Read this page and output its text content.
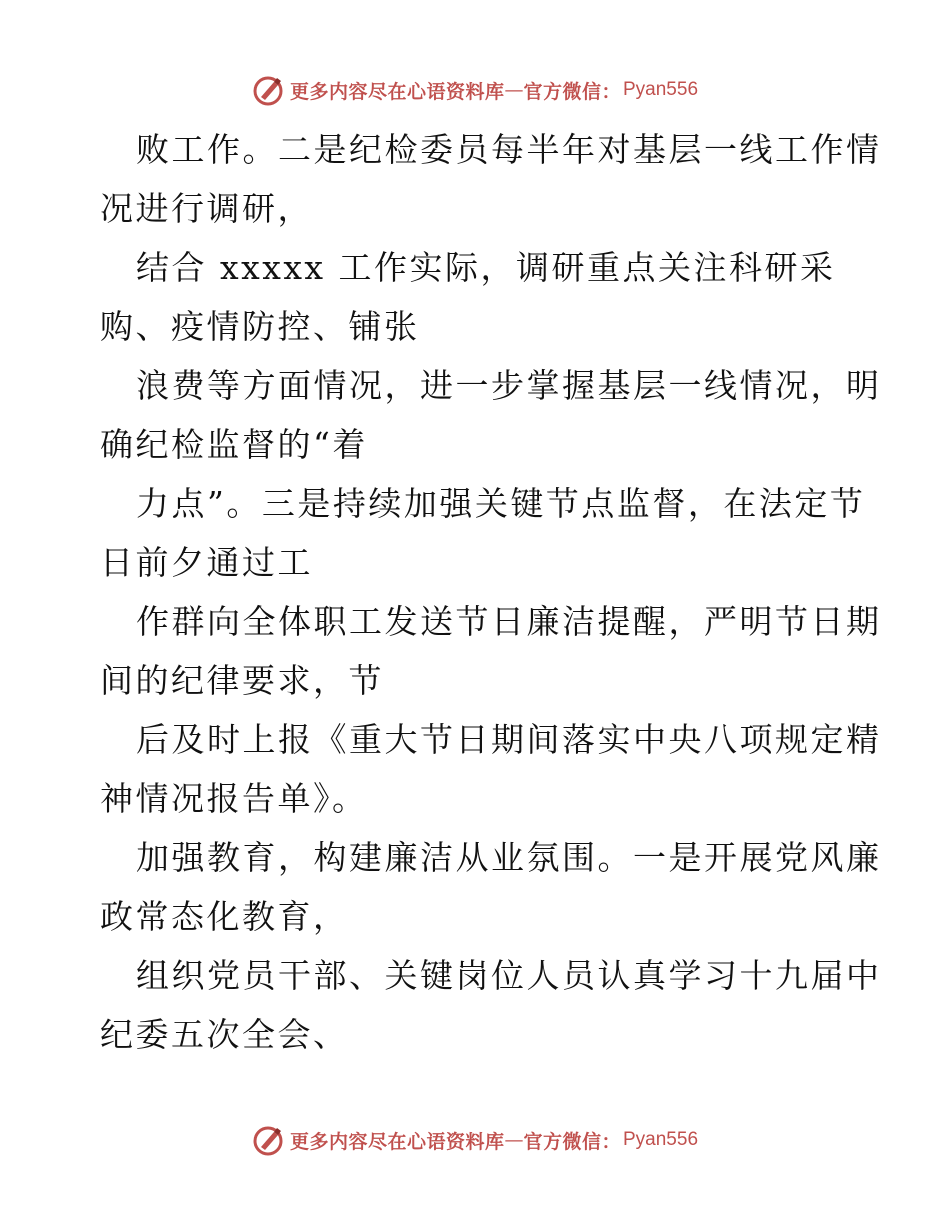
更多内容尽在心语资料库 — 官方微信： Pyan556
败工作。二是纪检委员每半年对基层一线工作情
况进行调研，
结合 xxxxx 工作实际，调研重点关注科研采
购、疫情防控、铺张
浪费等方面情况，进一步掌握基层一线情况，明
确纪检监督的“着
力点”。三是持续加强关键节点监督，在法定节
日前夕通过工
作群向全体职工发送节日廉洁提醒，严明节日期
间的纪律要求，节
后及时上报《重大节日期间落实中央八项规定精
神情况报告单》。
加强教育，构建廉洁从业氛围。一是开展党风廉
政常态化教育，
组织党员干部、关键岗位人员认真学习十九届中
纪委五次全会、
更多内容尽在心语资料库 — 官方微信： Pyan556
